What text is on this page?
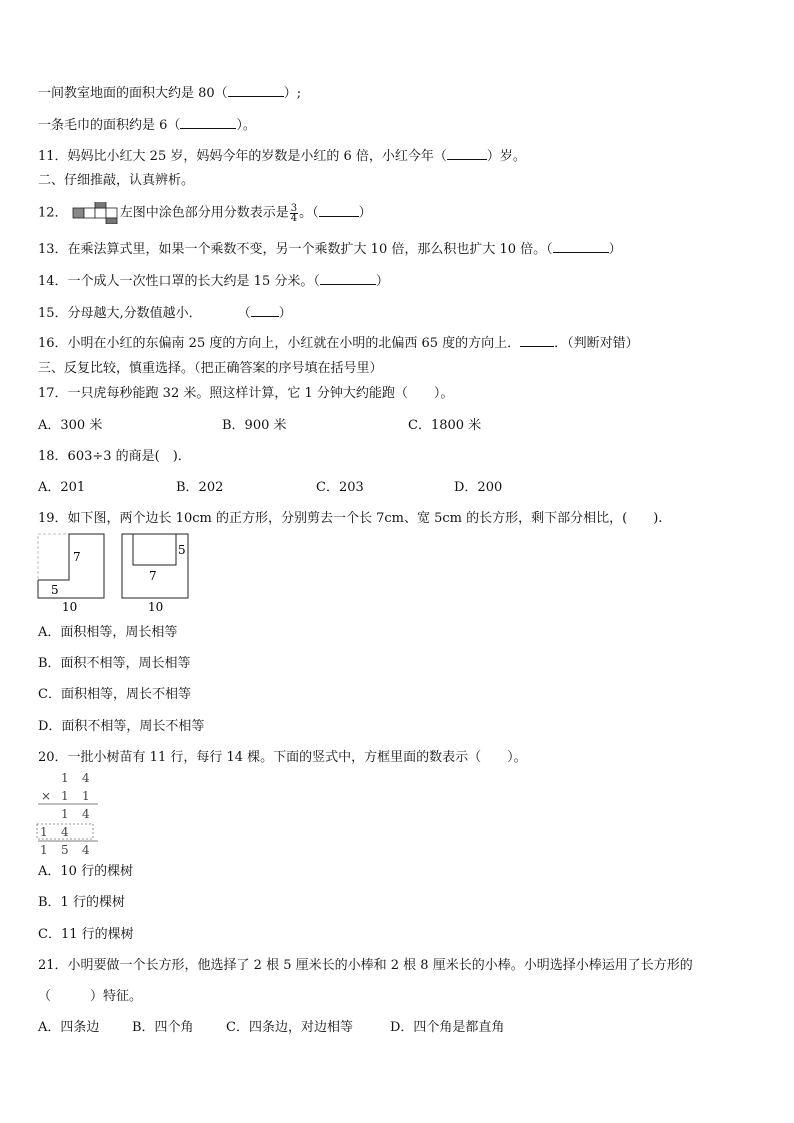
一间教室地面的面积大约是 80（	）;
一条毛巾的面积约是 6（	）。
11．妈妈比小红大 25 岁，妈妈今年的岁数是小红的 6 倍，小红今年（	）岁。
二、仔细推敲，认真辨析。
12．	左图中涂色部分用分数表示是 $\frac{3}{4}$ 。（	）
13．在乘法算式里，如果一个乘数不变，另一个乘数扩大 10 倍，那么积也扩大 10 倍。（	）
14．一个成人一次性口罩的长大约是 15 分米。（	）
15．分母越大,分数值越小．	（ ）
16．小明在小红的东偏南 25 度的方向上，小红就在小明的北偏西 65 度的方向上．	．（判断对错）
三、反复比较，慎重选择。（把正确答案的序号填在括号里）
17．一只虎每秒能跑 32 米。照这样计算，它 1 分钟大约能跑（　　）。
A．300 米	B．900 米	C．1800 米
18．603÷3 的商是(　)．
A．201	B．202	C．203	D．200
19．如下图，两个边长 10cm 的正方形，分别剪去一个长 7cm、宽 5cm 的长方形，剩下部分相比，(　　).
7
5
10
5
7
10
A．面积相等，周长相等
B．面积不相等，周长相等
C．面积相等，周长不相等
D．面积不相等，周长不相等
20．一批小树苗有 11 行，每行 14 棵。下面的竖式中，方框里面的数表示（　　）。
1 4
× 1 1
1 4
1 4
1 5 4
A．10 行的棵树
B．1 行的棵树
C．11 行的棵树
21．小明要做一个长方形，他选择了 2 根 5 厘米长的小棒和 2 根 8 厘米长的小棒。小明选择小棒运用了长方形的
（　　　）特征。
A．四条边	B．四个角 C．四条边，对边相等	D．四个角是都直角
